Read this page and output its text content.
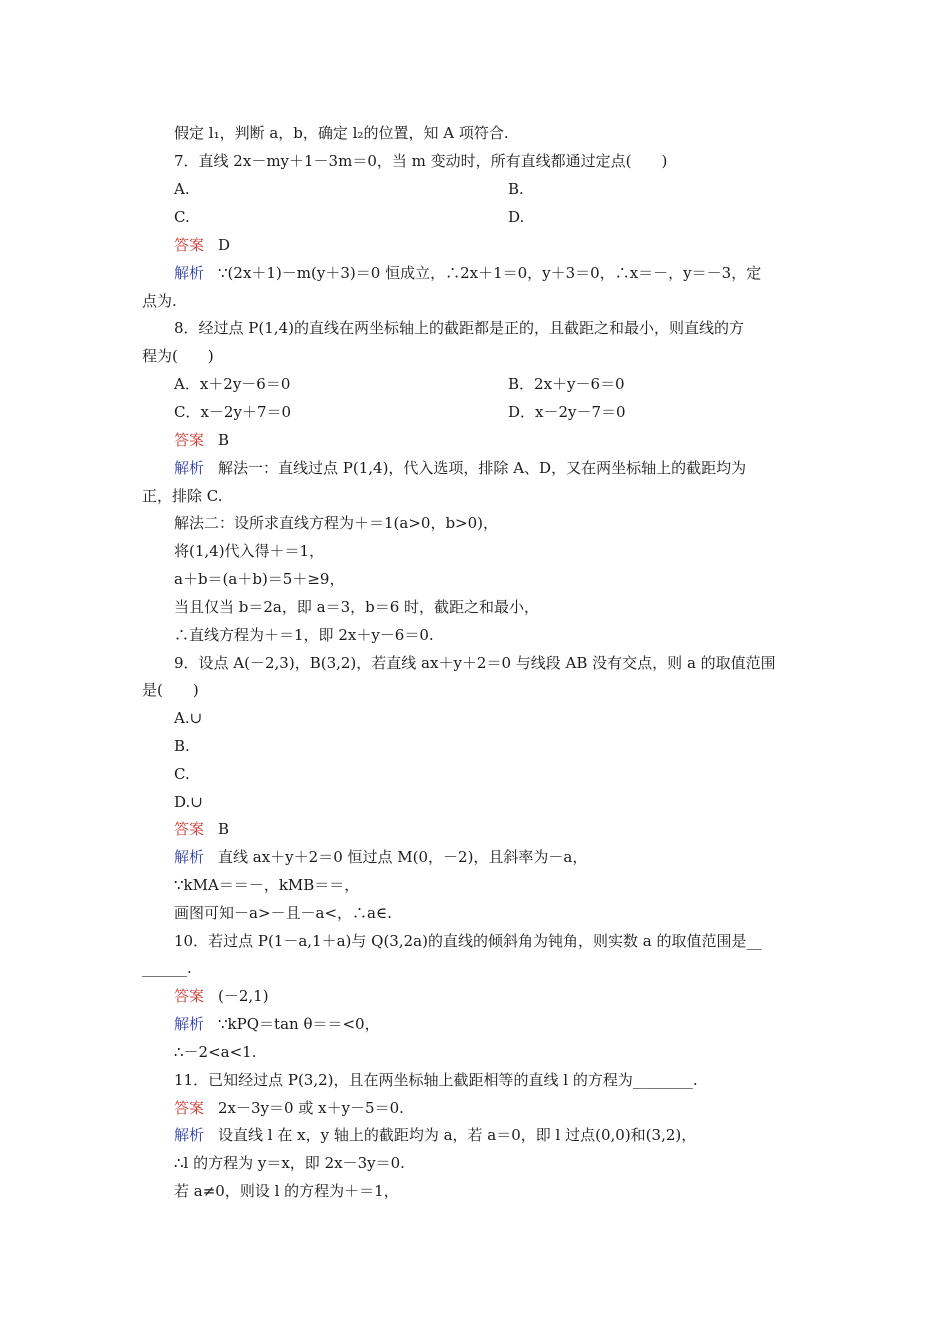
假定 l₁，判断 a，b，确定 l₂的位置，知 A 项符合.
7．直线 2x－my＋1－3m＝0，当 m 变动时，所有直线都通过定点(　　)
A.	B.
C.	D.
答案 D
解析 ∵(2x＋1)－m(y＋3)＝0 恒成立，∴2x＋1＝0，y＋3＝0，∴x＝－，y＝－3，定
点为.
8．经过点 P(1,4)的直线在两坐标轴上的截距都是正的，且截距之和最小，则直线的方
程为(　　)
A．x＋2y－6＝0	B．2x＋y－6＝0
C．x－2y＋7＝0	D．x－2y－7＝0
答案 B
解析 解法一：直线过点 P(1,4)，代入选项，排除 A、D，又在两坐标轴上的截距均为
正，排除 C.
解法二：设所求直线方程为＋＝1(a>0，b>0)，
将(1,4)代入得＋＝1，
a＋b＝(a＋b)＝5＋≥9，
当且仅当 b＝2a，即 a＝3，b＝6 时，截距之和最小，
∴直线方程为＋＝1，即 2x＋y－6＝0.
9．设点 A(－2,3)，B(3,2)，若直线 ax＋y＋2＝0 与线段 AB 没有交点，则 a 的取值范围
是(　　)
A.∪
B.
C.
D.∪
答案 B
解析 直线 ax＋y＋2＝0 恒过点 M(0，－2)，且斜率为－a，
∵kMA＝＝－，kMB＝＝，
画图可知－a>－且－a<，∴a∈.
10．若过点 P(1－a,1＋a)与 Q(3,2a)的直线的倾斜角为钝角，则实数 a 的取值范围是__
______.
答案 (－2,1)
解析 ∵kPQ＝tan θ＝＝<0，
∴－2<a<1.
11．已知经过点 P(3,2)，且在两坐标轴上截距相等的直线 l 的方程为________.
答案 2x－3y＝0 或 x＋y－5＝0.
解析 设直线 l 在 x，y 轴上的截距均为 a，若 a＝0，即 l 过点(0,0)和(3,2)，
∴l 的方程为 y＝x，即 2x－3y＝0.
若 a≠0，则设 l 的方程为＋＝1，
